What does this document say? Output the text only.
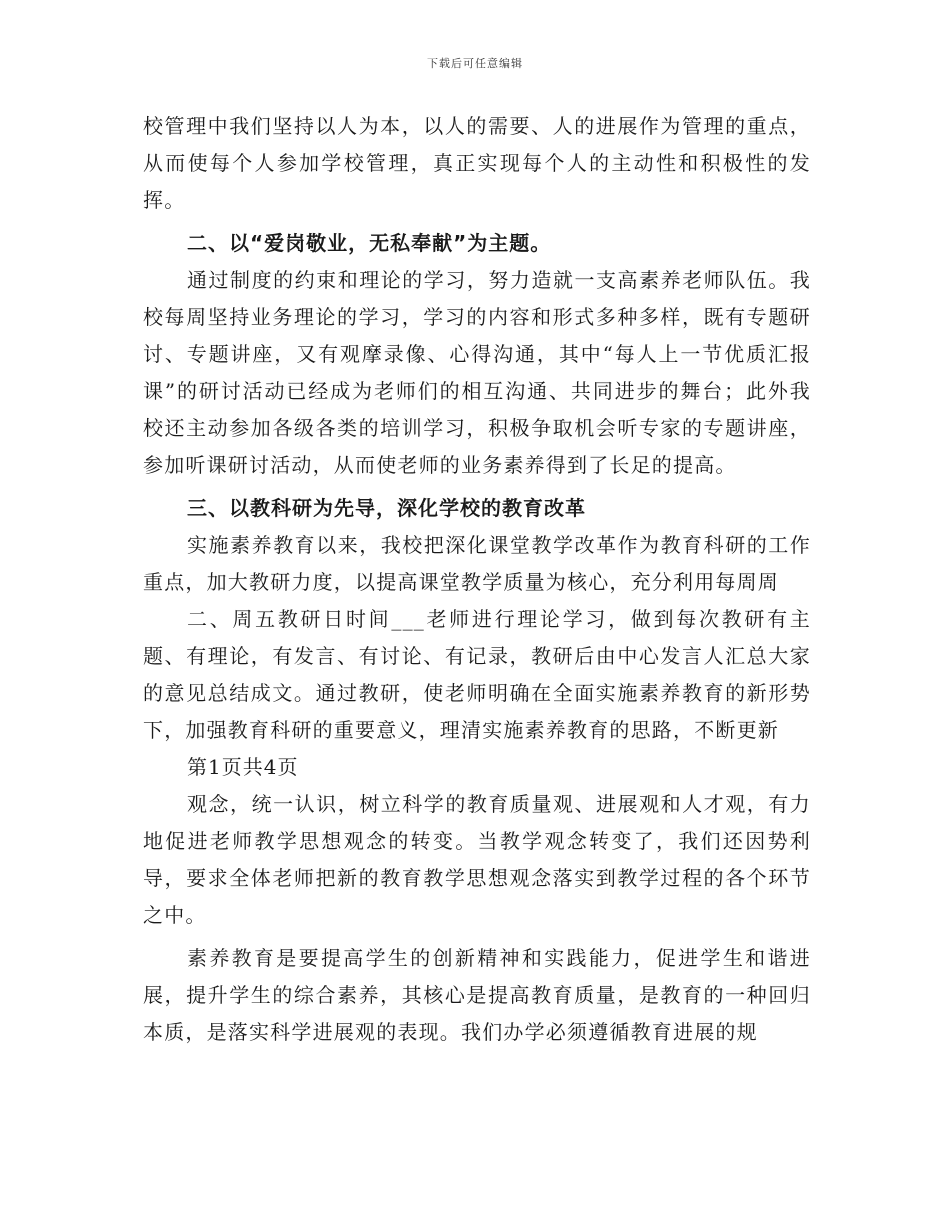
下载后可任意编辑

校管理中我们坚持以人为本，以人的需要、人的进展作为管理的重点，从而使每个人参加学校管理，真正实现每个人的主动性和积极性的发挥。

二、以“爱岗敬业，无私奉献”为主题。

通过制度的约束和理论的学习，努力造就一支高素养老师队伍。我校每周坚持业务理论的学习，学习的内容和形式多种多样，既有专题研讨、专题讲座，又有观摩录像、心得沟通，其中“每人上一节优质汇报课”的研讨活动已经成为老师们的相互沟通、共同进步的舞台；此外我校还主动参加各级各类的培训学习，积极争取机会听专家的专题讲座，参加听课研讨活动，从而使老师的业务素养得到了长足的提高。

三、以教科研为先导，深化学校的教育改革

实施素养教育以来，我校把深化课堂教学改革作为教育科研的工作重点，加大教研力度，以提高课堂教学质量为核心，充分利用每周周

二、周五教研日时间___老师进行理论学习，做到每次教研有主题、有理论，有发言、有讨论、有记录，教研后由中心发言人汇总大家的意见总结成文。通过教研，使老师明确在全面实施素养教育的新形势下，加强教育科研的重要意义，理清实施素养教育的思路，不断更新

第1页共4页

观念，统一认识，树立科学的教育质量观、进展观和人才观，有力地促进老师教学思想观念的转变。当教学观念转变了，我们还因势利导，要求全体老师把新的教育教学思想观念落实到教学过程的各个环节之中。

素养教育是要提高学生的创新精神和实践能力，促进学生和谐进展，提升学生的综合素养，其核心是提高教育质量，是教育的一种回归本质，是落实科学进展观的表现。我们办学必须遵循教育进展的规
